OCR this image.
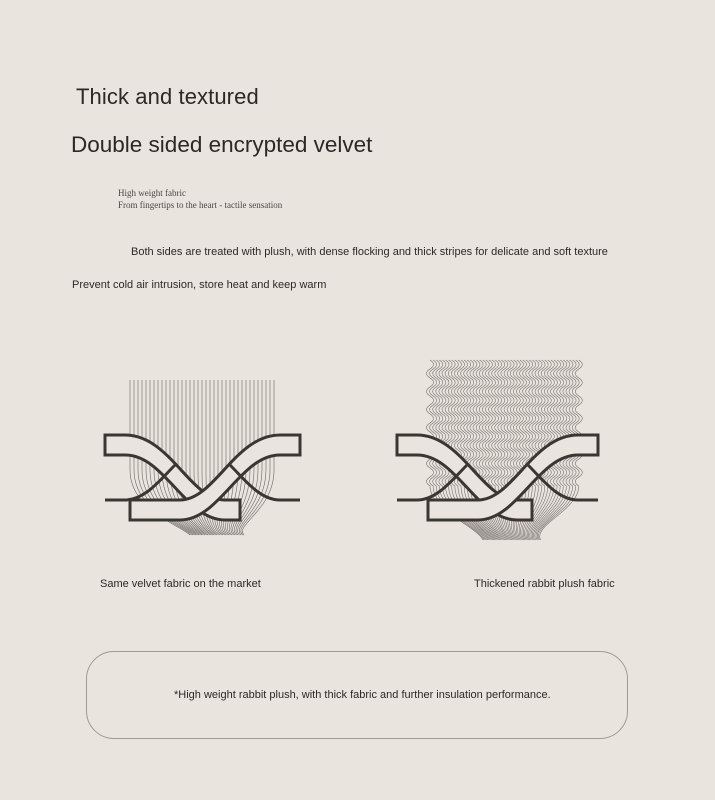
Thick and textured
Double sided encrypted velvet
High weight fabric
From fingertips to the heart - tactile sensation
Both sides are treated with plush, with dense flocking and thick stripes for delicate and soft texture
Prevent cold air intrusion, store heat and keep warm
Same velvet fabric on the market	Thickened rabbit plush fabric
*High weight rabbit plush, with thick fabric and further insulation performance.
